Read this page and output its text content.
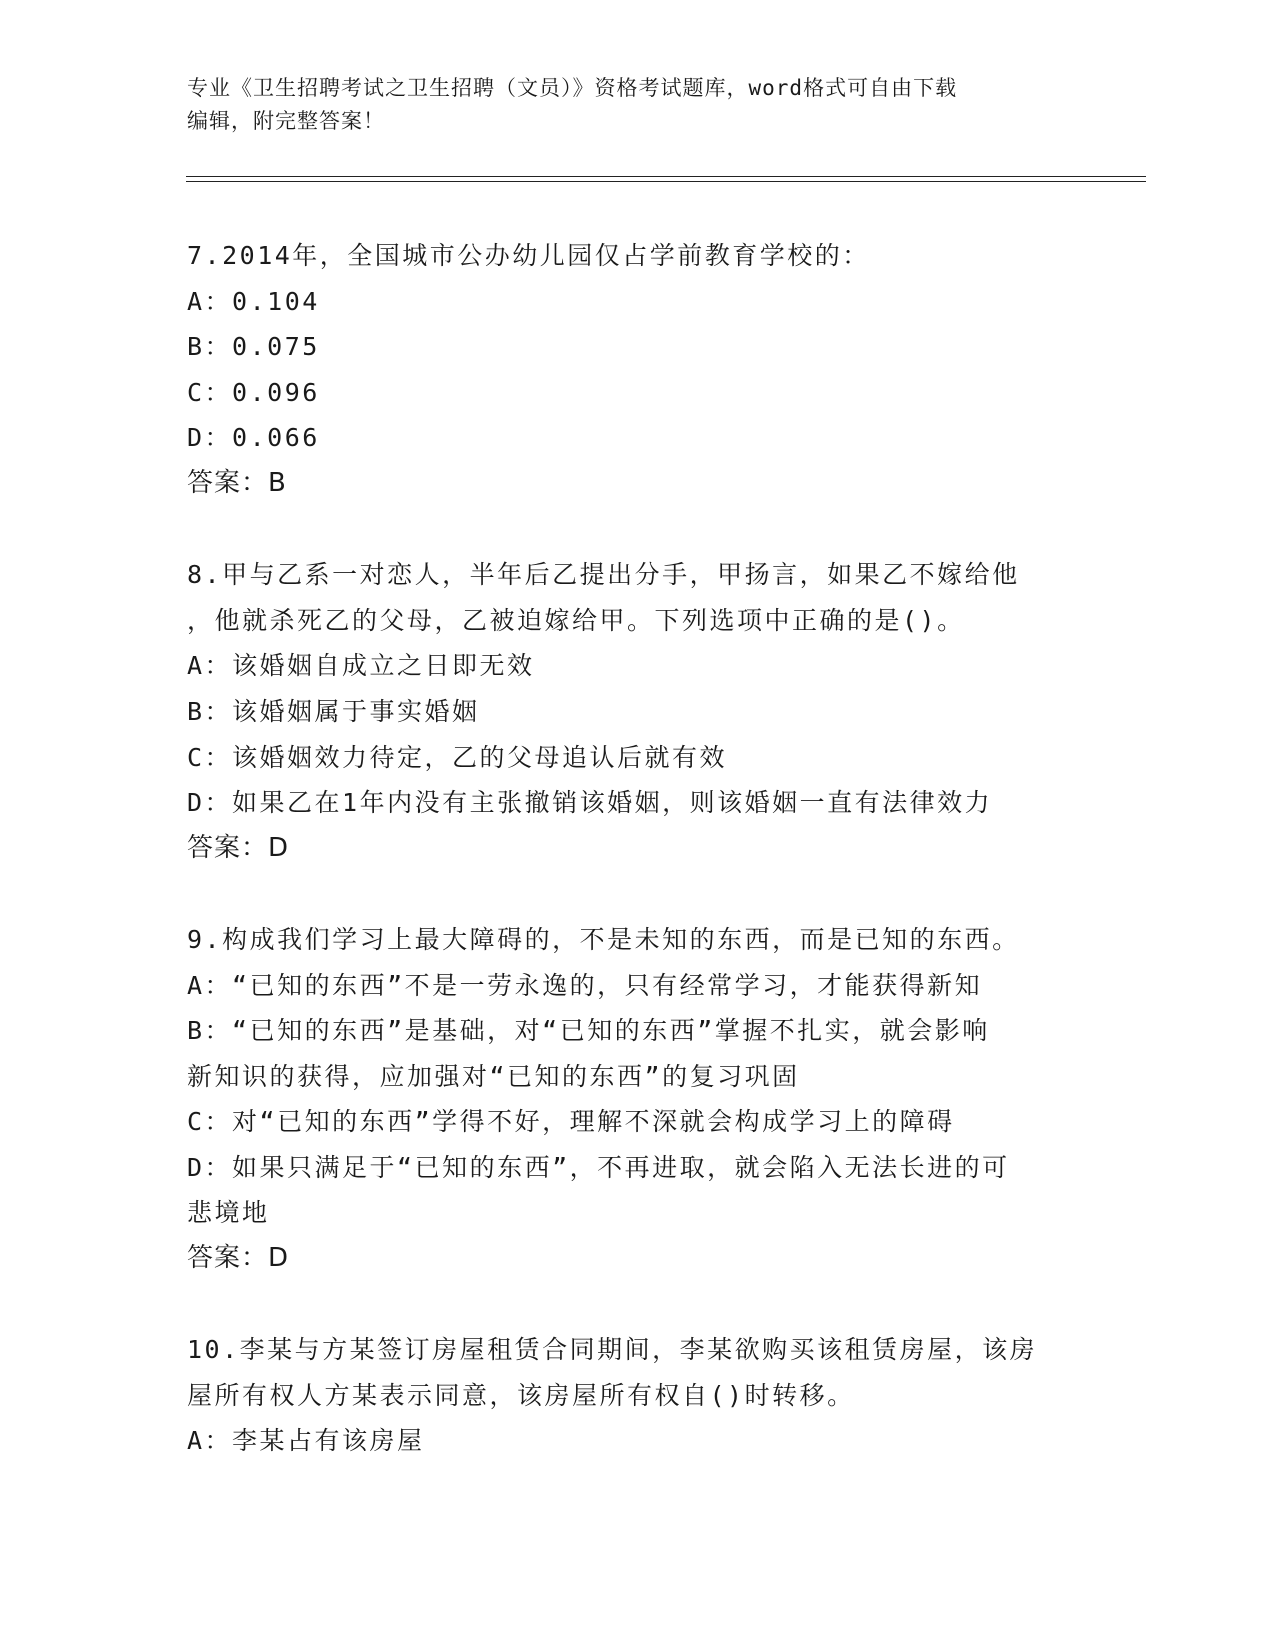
专业《卫生招聘考试之卫生招聘（文员）》资格考试题库，word格式可自由下载
编辑，附完整答案！
7.2014年，全国城市公办幼儿园仅占学前教育学校的：
A：0.104
B：0.075
C：0.096
D：0.066
答案：B
8.甲与乙系一对恋人，半年后乙提出分手，甲扬言，如果乙不嫁给他
，他就杀死乙的父母，乙被迫嫁给甲。下列选项中正确的是()。
A：该婚姻自成立之日即无效
B：该婚姻属于事实婚姻
C：该婚姻效力待定，乙的父母追认后就有效
D：如果乙在1年内没有主张撤销该婚姻，则该婚姻一直有法律效力
答案：D
9.构成我们学习上最大障碍的，不是未知的东西，而是已知的东西。
A：“已知的东西”不是一劳永逸的，只有经常学习，才能获得新知
B：“已知的东西”是基础，对“已知的东西”掌握不扎实，就会影响
新知识的获得，应加强对“已知的东西”的复习巩固
C：对“已知的东西”学得不好，理解不深就会构成学习上的障碍
D：如果只满足于“已知的东西”，不再进取，就会陷入无法长进的可
悲境地
答案：D
10.李某与方某签订房屋租赁合同期间，李某欲购买该租赁房屋，该房
屋所有权人方某表示同意，该房屋所有权自()时转移。
A：李某占有该房屋
